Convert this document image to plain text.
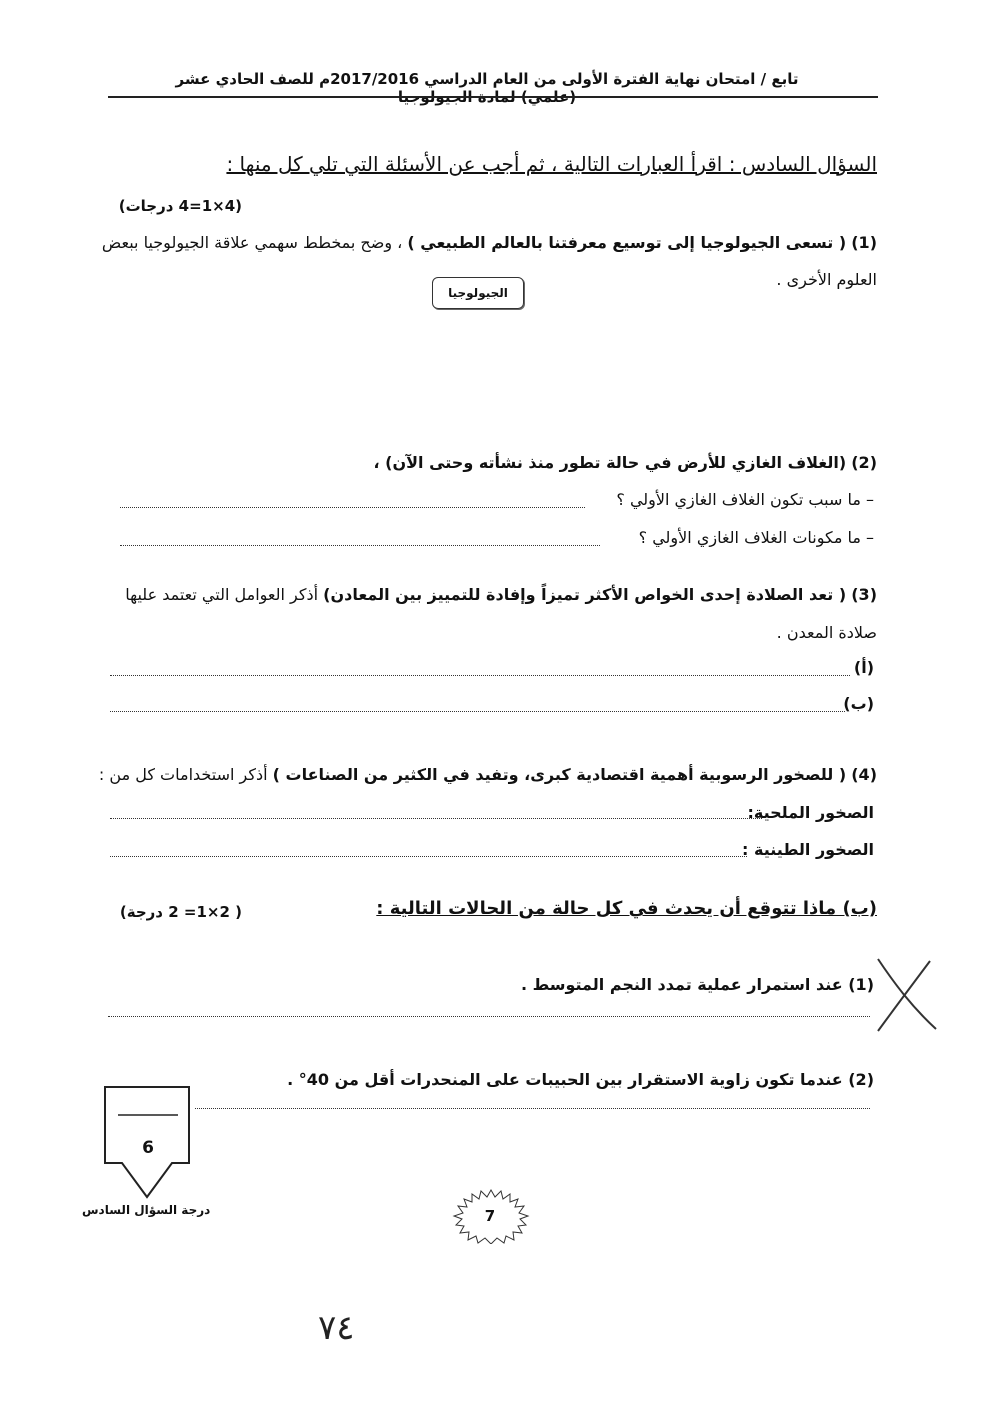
تابع / امتحان نهاية الفترة الأولى من العام الدراسي 2017/2016م للصف الحادي عشر (علمي) لمادة الجيولوجيا
السؤال السادس : اقرأ العبارات التالية ، ثم أجب عن الأسئلة التي تلي كل منها :
(4×1=4 درجات)
(1) ( تسعى الجيولوجيا إلى توسيع معرفتنا بالعالم الطبيعي ) ، وضح بمخطط سهمي علاقة الجيولوجيا ببعض
العلوم الأخرى .
الجيولوجيا
(2) (الغلاف الغازي للأرض في حالة تطور منذ نشأته وحتى الآن) ،
– ما سبب تكون الغلاف الغازي الأولي ؟
– ما مكونات الغلاف الغازي الأولي ؟
(3) ( تعد الصلادة إحدى الخواص الأكثر تميزاً وإفادة للتمييز بين المعادن) أذكر العوامل التي تعتمد عليها
صلادة المعدن .
(أ)
(ب)
(4) ( للصخور الرسوبية أهمية اقتصادية كبرى، وتفيد في الكثير من الصناعات ) أذكر استخدامات كل من :
الصخور الملحية:
الصخور الطينية :
(ب) ماذا تتوقع أن يحدث في كل حالة من الحالات التالية :
( 2×1= 2 درجة)
(1) عند استمرار عملية تمدد النجم المتوسط .
(2) عندما تكون زاوية الاستقرار بين الحبيبات على المنحدرات أقل من 40° .
6
درجة السؤال السادس	7
٧٤
